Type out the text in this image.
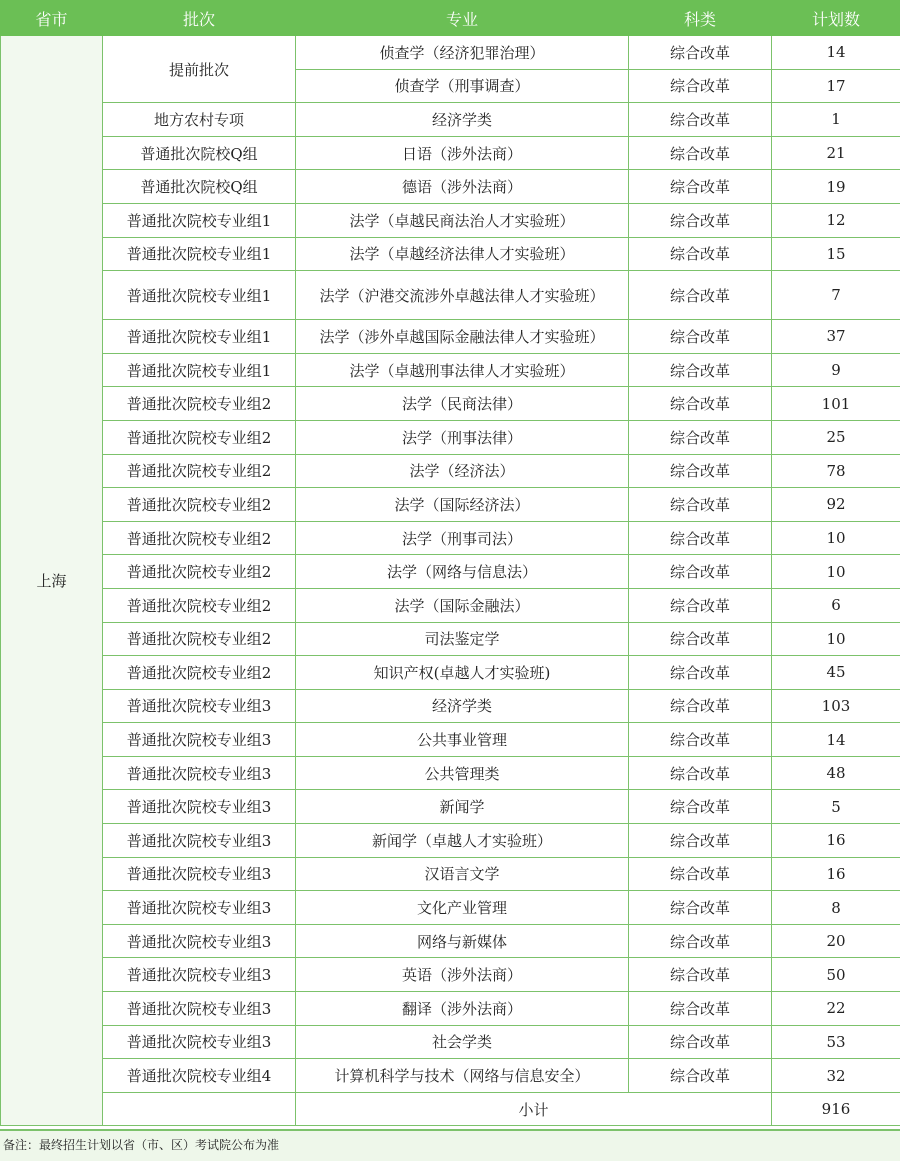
省市	批次	专业	科类	计划数
上海	提前批次	侦查学（经济犯罪治理）	综合改革	14
		侦查学（刑事调查）	综合改革	17
	地方农村专项	经济学类	综合改革	1
	普通批次院校Q组	日语（涉外法商）	综合改革	21
	普通批次院校Q组	德语（涉外法商）	综合改革	19
	普通批次院校专业组1	法学（卓越民商法治人才实验班）	综合改革	12
	普通批次院校专业组1	法学（卓越经济法律人才实验班）	综合改革	15
	普通批次院校专业组1	法学（沪港交流涉外卓越法律人才实验班）	综合改革	7
	普通批次院校专业组1	法学（涉外卓越国际金融法律人才实验班）	综合改革	37
	普通批次院校专业组1	法学（卓越刑事法律人才实验班）	综合改革	9
	普通批次院校专业组2	法学（民商法律）	综合改革	101
	普通批次院校专业组2	法学（刑事法律）	综合改革	25
	普通批次院校专业组2	法学（经济法）	综合改革	78
	普通批次院校专业组2	法学（国际经济法）	综合改革	92
	普通批次院校专业组2	法学（刑事司法）	综合改革	10
	普通批次院校专业组2	法学（网络与信息法）	综合改革	10
	普通批次院校专业组2	法学（国际金融法）	综合改革	6
	普通批次院校专业组2	司法鉴定学	综合改革	10
	普通批次院校专业组2	知识产权(卓越人才实验班)	综合改革	45
	普通批次院校专业组3	经济学类	综合改革	103
	普通批次院校专业组3	公共事业管理	综合改革	14
	普通批次院校专业组3	公共管理类	综合改革	48
	普通批次院校专业组3	新闻学	综合改革	5
	普通批次院校专业组3	新闻学（卓越人才实验班）	综合改革	16
	普通批次院校专业组3	汉语言文学	综合改革	16
	普通批次院校专业组3	文化产业管理	综合改革	8
	普通批次院校专业组3	网络与新媒体	综合改革	20
	普通批次院校专业组3	英语（涉外法商）	综合改革	50
	普通批次院校专业组3	翻译（涉外法商）	综合改革	22
	普通批次院校专业组3	社会学类	综合改革	53
	普通批次院校专业组4	计算机科学与技术（网络与信息安全）	综合改革	32
		小计		916
备注：最终招生计划以省（市、区）考试院公布为准
